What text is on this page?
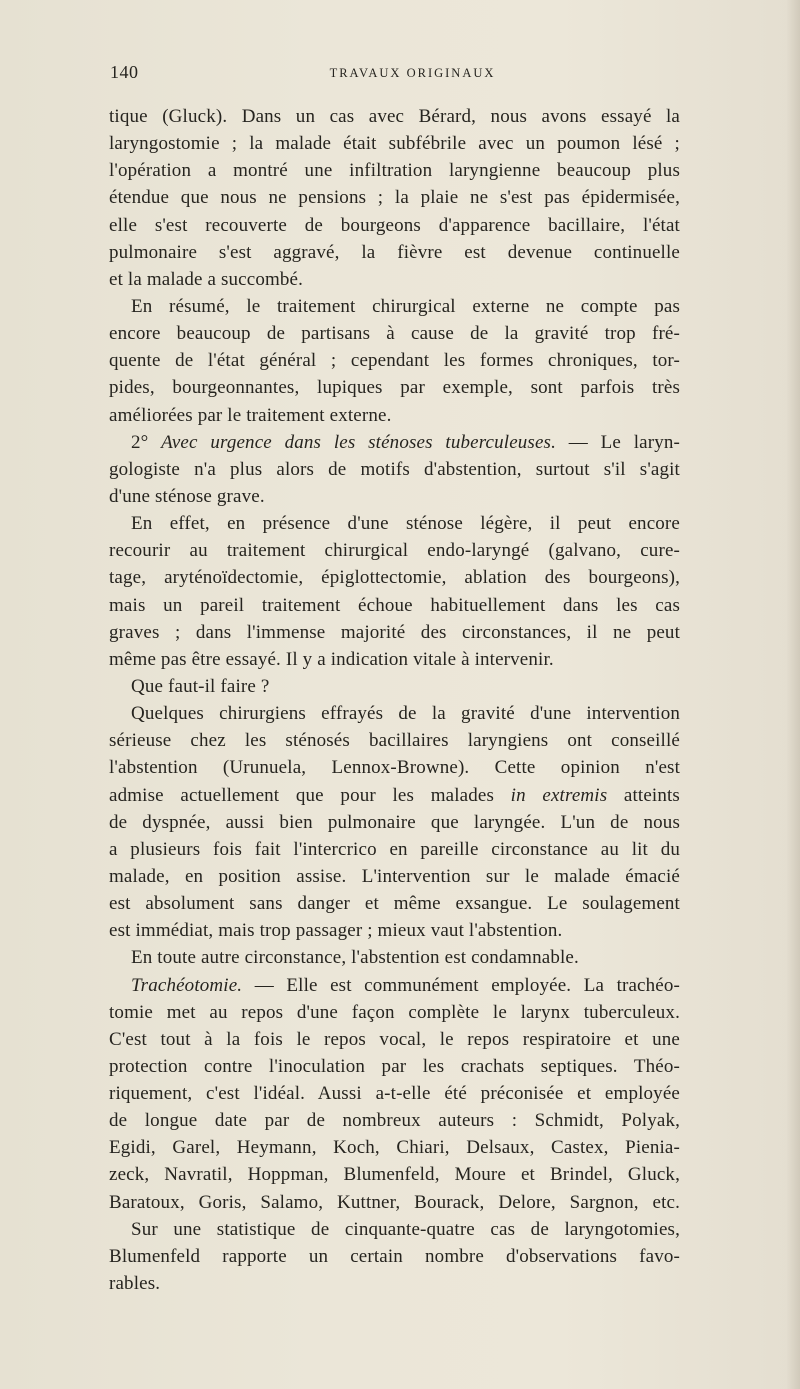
140	TRAVAUX ORIGINAUX
tique (Gluck). Dans un cas avec Bérard, nous avons essayé la
laryngostomie ; la malade était subfébrile avec un poumon lésé ;
l'opération a montré une infiltration laryngienne beaucoup plus
étendue que nous ne pensions ; la plaie ne s'est pas épidermisée,
elle s'est recouverte de bourgeons d'apparence bacillaire, l'état
pulmonaire s'est aggravé, la fièvre est devenue continuelle
et la malade a succombé.
En résumé, le traitement chirurgical externe ne compte pas
encore beaucoup de partisans à cause de la gravité trop fré-
quente de l'état général ; cependant les formes chroniques, tor-
pides, bourgeonnantes, lupiques par exemple, sont parfois très
améliorées par le traitement externe.
2° Avec urgence dans les sténoses tuberculeuses. — Le laryn-
gologiste n'a plus alors de motifs d'abstention, surtout s'il s'agit
d'une sténose grave.
En effet, en présence d'une sténose légère, il peut encore
recourir au traitement chirurgical endo-laryngé (galvano, cure-
tage, aryténoïdectomie, épiglottectomie, ablation des bourgeons),
mais un pareil traitement échoue habituellement dans les cas
graves ; dans l'immense majorité des circonstances, il ne peut
même pas être essayé. Il y a indication vitale à intervenir.
Que faut-il faire ?
Quelques chirurgiens effrayés de la gravité d'une intervention
sérieuse chez les sténosés bacillaires laryngiens ont conseillé
l'abstention (Urunuela, Lennox-Browne). Cette opinion n'est
admise actuellement que pour les malades in extremis atteints
de dyspnée, aussi bien pulmonaire que laryngée. L'un de nous
a plusieurs fois fait l'intercrico en pareille circonstance au lit du
malade, en position assise. L'intervention sur le malade émacié
est absolument sans danger et même exsangue. Le soulagement
est immédiat, mais trop passager ; mieux vaut l'abstention.
En toute autre circonstance, l'abstention est condamnable.
Trachéotomie. — Elle est communément employée. La trachéo-
tomie met au repos d'une façon complète le larynx tuberculeux.
C'est tout à la fois le repos vocal, le repos respiratoire et une
protection contre l'inoculation par les crachats septiques. Théo-
riquement, c'est l'idéal. Aussi a-t-elle été préconisée et employée
de longue date par de nombreux auteurs : Schmidt, Polyak,
Egidi, Garel, Heymann, Koch, Chiari, Delsaux, Castex, Pienia-
zeck, Navratil, Hoppman, Blumenfeld, Moure et Brindel, Gluck,
Baratoux, Goris, Salamo, Kuttner, Bourack, Delore, Sargnon, etc.
Sur une statistique de cinquante-quatre cas de laryngotomies,
Blumenfeld rapporte un certain nombre d'observations favo-
rables.
